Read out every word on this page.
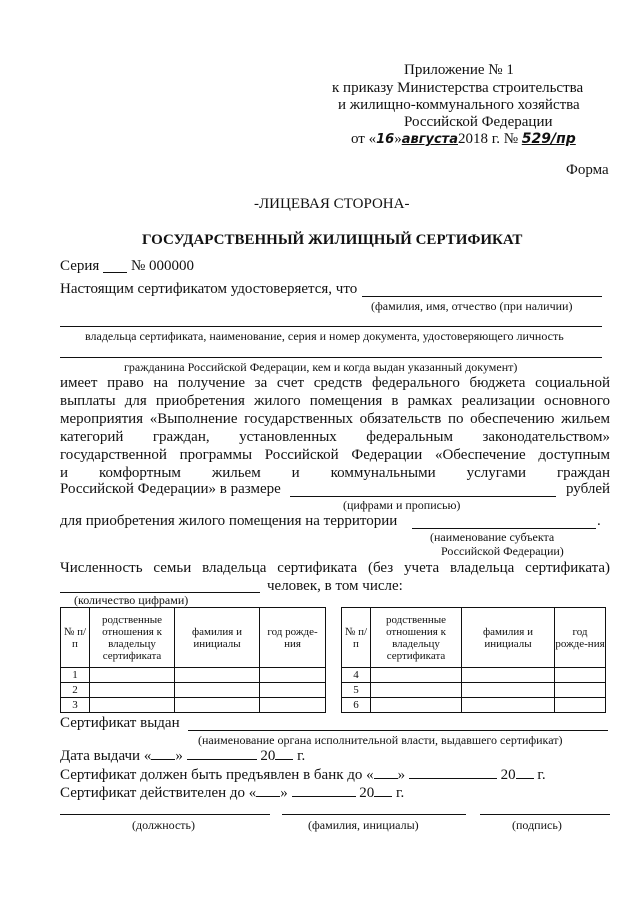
Приложение № 1
к приказу Министерства строительства
и жилищно-коммунального хозяйства
Российской Федерации
от «16»августа2018 г. № 529/пр
Форма
-ЛИЦЕВАЯ СТОРОНА-
ГОСУДАРСТВЕННЫЙ ЖИЛИЩНЫЙ СЕРТИФИКАТ
Серия № 000000
Настоящим сертификатом удостоверяется, что
(фамилия, имя, отчество (при наличии)
владельца сертификата, наименование, серия и номер документа, удостоверяющего личность
гражданина Российской Федерации, кем и когда выдан указанный документ)
имеет право на получение за счет средств федерального бюджета социальной
выплаты для приобретения жилого помещения в рамках реализации основного
мероприятия «Выполнение государственных обязательств по обеспечению жильем
категорий граждан, установленных федеральным законодательством»
государственной программы Российской Федерации «Обеспечение доступным
и комфортным жильем и коммунальными услугами граждан
Российской Федерации» в размере	рублей
(цифрами и прописью)
для приобретения жилого помещения на территории	.
(наименование субъекта
Российской Федерации)
Численность семьи владельца сертификата (без учета владельца сертификата)
человек, в том числе:
(количество цифрами)
№ п/п	родственные отношения к владельцу сертификата	фамилия и инициалы	год рожде-ния
1			
2			
3			
№ п/п	родственные отношения к владельцу сертификата	фамилия и инициалы	год рожде-ния
4			
5			
6			
Сертификат выдан
(наименование органа исполнительной власти, выдавшего сертификат)
Дата выдачи « »	20 г.
Сертификат должен быть предъявлен в банк до « »	20 г.
Сертификат действителен до « »	20 г.
(должность)	(фамилия, инициалы)	(подпись)
